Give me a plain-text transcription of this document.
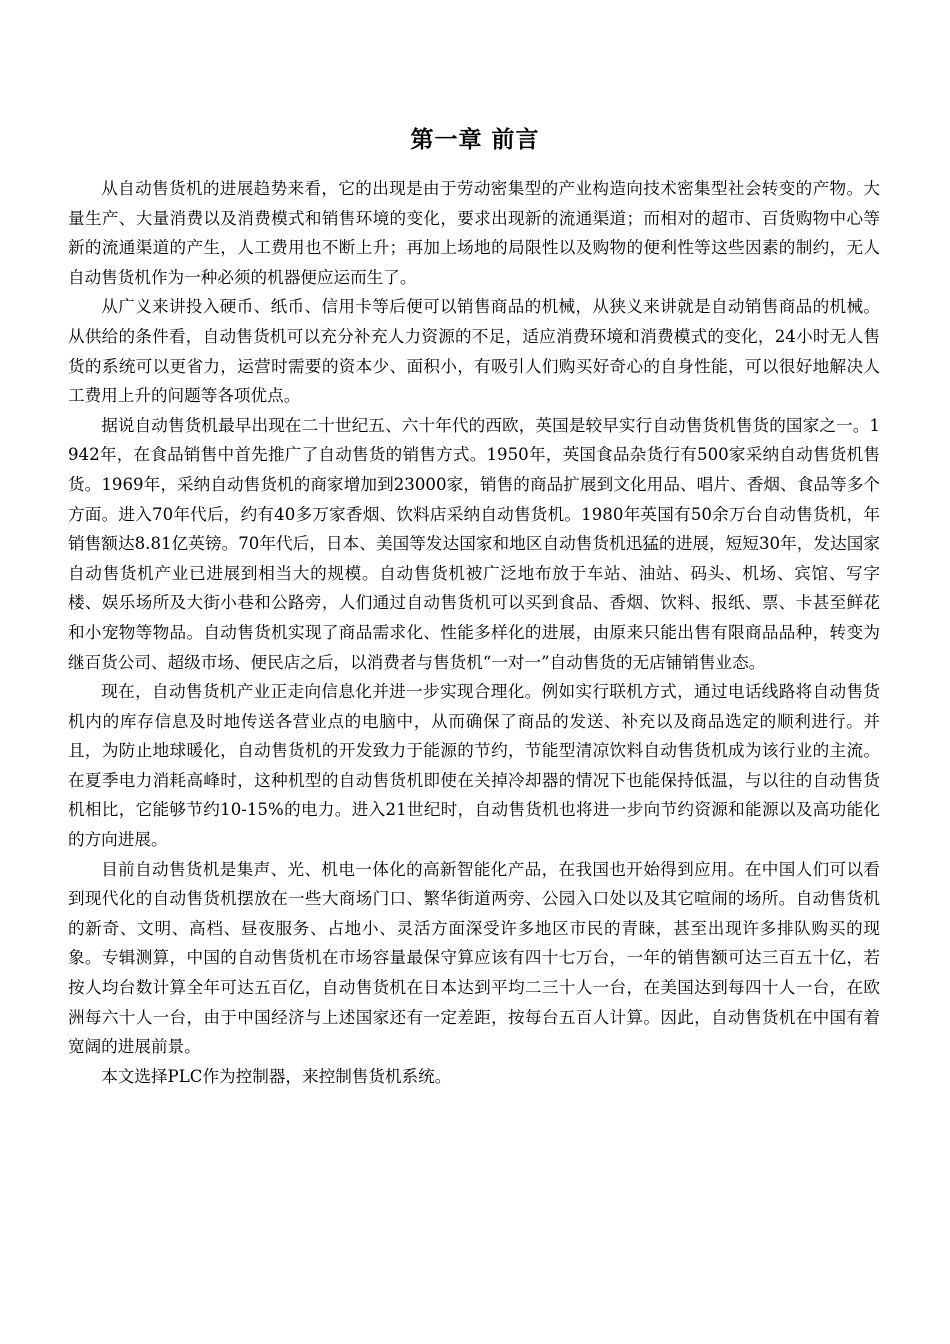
第一章 前言

从自动售货机的进展趋势来看，它的出现是由于劳动密集型的产业构造向技术密集型社会转变的产物。大量生产、大量消费以及消费模式和销售环境的变化，要求出现新的流通渠道；而相对的超市、百货购物中心等新的流通渠道的产生，人工费用也不断上升；再加上场地的局限性以及购物的便利性等这些因素的制约，无人自动售货机作为一种必须的机器便应运而生了。

从广义来讲投入硬币、纸币、信用卡等后便可以销售商品的机械，从狭义来讲就是自动销售商品的机械。从供给的条件看，自动售货机可以充分补充人力资源的不足，适应消费环境和消费模式的变化，24小时无人售货的系统可以更省力，运营时需要的资本少、面积小，有吸引人们购买好奇心的自身性能，可以很好地解决人工费用上升的问题等各项优点。

据说自动售货机最早出现在二十世纪五、六十年代的西欧，英国是较早实行自动售货机售货的国家之一。1942年，在食品销售中首先推广了自动售货的销售方式。1950年，英国食品杂货行有500家采纳自动售货机售货。1969年，采纳自动售货机的商家增加到23000家，销售的商品扩展到文化用品、唱片、香烟、食品等多个方面。进入70年代后，约有40多万家香烟、饮料店采纳自动售货机。1980年英国有50余万台自动售货机，年销售额达8.81亿英镑。70年代后，日本、美国等发达国家和地区自动售货机迅猛的进展，短短30年，发达国家自动售货机产业已进展到相当大的规模。自动售货机被广泛地布放于车站、油站、码头、机场、宾馆、写字楼、娱乐场所及大街小巷和公路旁，人们通过自动售货机可以买到食品、香烟、饮料、报纸、票、卡甚至鲜花和小宠物等物品。自动售货机实现了商品需求化、性能多样化的进展，由原来只能出售有限商品品种，转变为继百货公司、超级市场、便民店之后，以消费者与售货机“一对一”自动售货的无店铺销售业态。

现在，自动售货机产业正走向信息化并进一步实现合理化。例如实行联机方式，通过电话线路将自动售货机内的库存信息及时地传送各营业点的电脑中，从而确保了商品的发送、补充以及商品选定的顺利进行。并且，为防止地球暖化，自动售货机的开发致力于能源的节约，节能型清凉饮料自动售货机成为该行业的主流。在夏季电力消耗高峰时，这种机型的自动售货机即使在关掉冷却器的情况下也能保持低温，与以往的自动售货机相比，它能够节约10-15%的电力。进入21世纪时，自动售货机也将进一步向节约资源和能源以及高功能化的方向进展。

目前自动售货机是集声、光、机电一体化的高新智能化产品，在我国也开始得到应用。在中国人们可以看到现代化的自动售货机摆放在一些大商场门口、繁华街道两旁、公园入口处以及其它喧闹的场所。自动售货机的新奇、文明、高档、昼夜服务、占地小、灵活方面深受许多地区市民的青睐，甚至出现许多排队购买的现象。专辑测算，中国的自动售货机在市场容量最保守算应该有四十七万台，一年的销售额可达三百五十亿，若按人均台数计算全年可达五百亿，自动售货机在日本达到平均二三十人一台，在美国达到每四十人一台，在欧洲每六十人一台，由于中国经济与上述国家还有一定差距，按每台五百人计算。因此，自动售货机在中国有着宽阔的进展前景。

本文选择PLC作为控制器，来控制售货机系统。
